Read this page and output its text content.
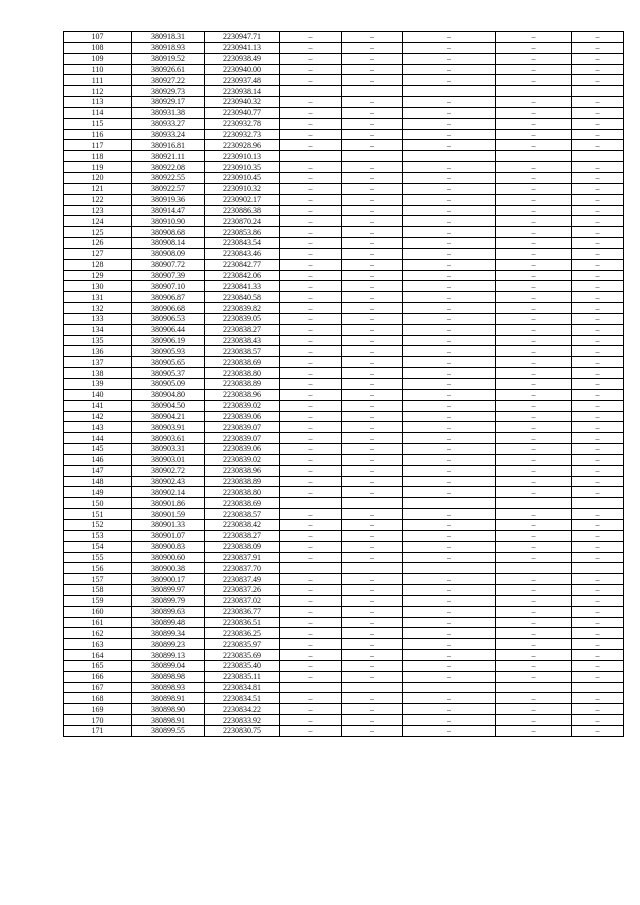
107	380918.31	2230947.71	–	–	–	–	–
108	380918.93	2230941.13	–	–	–	–	–
109	380919.52	2230938.49	–	–	–	–	–
110	380926.61	2230940.00	–	–	–	–	–
111	380927.22	2230937.48	–	–	–	–	–
112	380929.73	2230938.14					
113	380929.17	2230940.32	–	–	–	–	–
114	380931.38	2230940.77	–	–	–	–	–
115	380933.27	2230932.78	–	–	–	–	–
116	380933.24	2230932.73	–	–	–	–	–
117	380916.81	2230928.96	–	–	–	–	–
118	380921.11	2230910.13					
119	380922.08	2230910.35	–	–	–	–	–
120	380922.55	2230910.45	–	–	–	–	–
121	380922.57	2230910.32	–	–	–	–	–
122	380919.36	2230902.17	–	–	–	–	–
123	380914.47	2230886.38	–	–	–	–	–
124	380910.90	2230870.24	–	–	–	–	–
125	380908.68	2230853.86	–	–	–	–	–
126	380908.14	2230843.54	–	–	–	–	–
127	380908.09	2230843.46	–	–	–	–	–
128	380907.72	2230842.77	–	–	–	–	–
129	380907.39	2230842.06	–	–	–	–	–
130	380907.10	2230841.33	–	–	–	–	–
131	380906.87	2230840.58	–	–	–	–	–
132	380906.68	2230839.82	–	–	–	–	–
133	380906.53	2230839.05	–	–	–	–	–
134	380906.44	2230838.27	–	–	–	–	–
135	380906.19	2230838.43	–	–	–	–	–
136	380905.93	2230838.57	–	–	–	–	–
137	380905.65	2230838.69	–	–	–	–	–
138	380905.37	2230838.80	–	–	–	–	–
139	380905.09	2230838.89	–	–	–	–	–
140	380904.80	2230838.96	–	–	–	–	–
141	380904.50	2230839.02	–	–	–	–	–
142	380904.21	2230839.06	–	–	–	–	–
143	380903.91	2230839.07	–	–	–	–	–
144	380903.61	2230839.07	–	–	–	–	–
145	380903.31	2230839.06	–	–	–	–	–
146	380903.01	2230839.02	–	–	–	–	–
147	380902.72	2230838.96	–	–	–	–	–
148	380902.43	2230838.89	–	–	–	–	–
149	380902.14	2230838.80	–	–	–	–	–
150	380901.86	2230838.69					
151	380901.59	2230838.57	–	–	–	–	–
152	380901.33	2230838.42	–	–	–	–	–
153	380901.07	2230838.27	–	–	–	–	–
154	380900.83	2230838.09	–	–	–	–	–
155	380900.60	2230837.91	–	–	–	–	–
156	380900.38	2230837.70					
157	380900.17	2230837.49	–	–	–	–	–
158	380899.97	2230837.26	–	–	–	–	–
159	380899.79	2230837.02	–	–	–	–	–
160	380899.63	2230836.77	–	–	–	–	–
161	380899.48	2230836.51	–	–	–	–	–
162	380899.34	2230836.25	–	–	–	–	–
163	380899.23	2230835.97	–	–	–	–	–
164	380899.13	2230835.69	–	–	–	–	–
165	380899.04	2230835.40	–	–	–	–	–
166	380898.98	2230835.11	–	–	–	–	–
167	380898.93	2230834.81					
168	380898.91	2230834.51	–	–	–	–	–
169	380898.90	2230834.22	–	–	–	–	–
170	380898.91	2230833.92	–	–	–	–	–
171	380899.55	2230830.75	–	–	–	–	–
